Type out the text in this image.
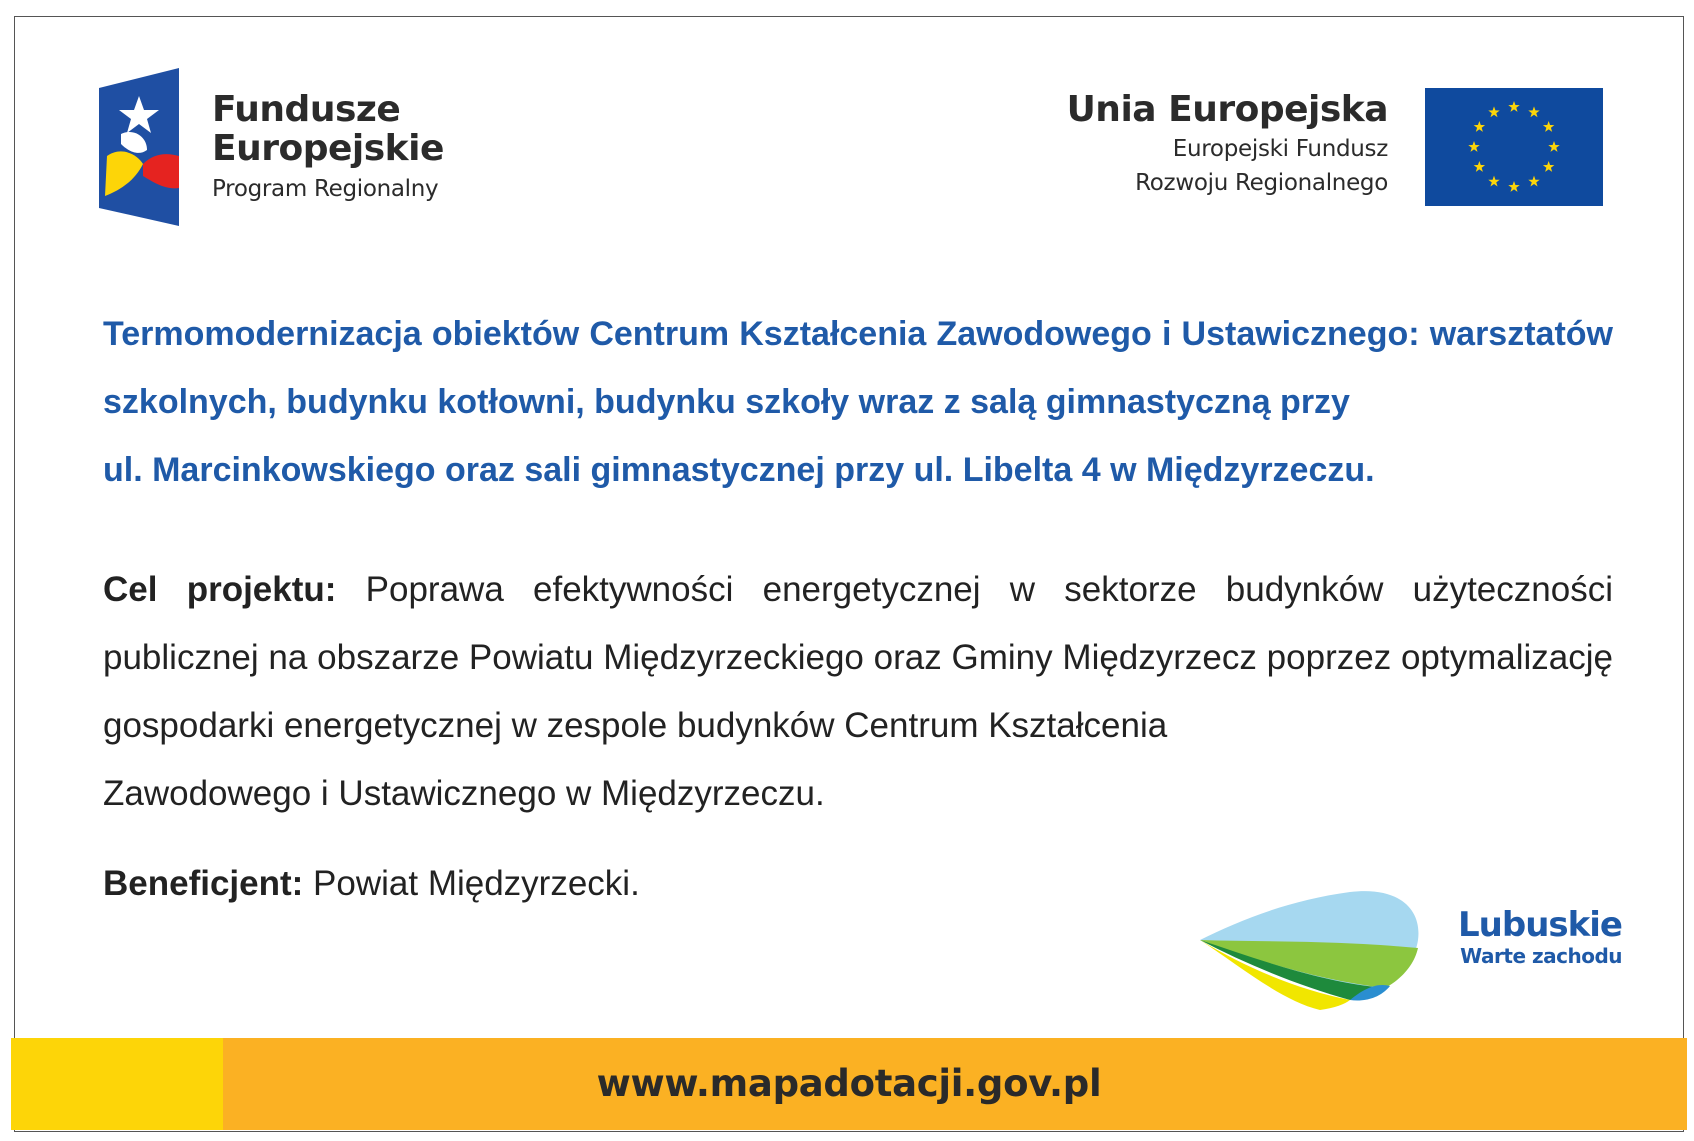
Fundusze
Europejskie
Program Regionalny
Unia Europejska
Europejski Fundusz
Rozwoju Regionalnego
Termomodernizacja obiektów Centrum Kształcenia Zawodowego i Ustawicznego: warsztatów szkolnych, budynku kotłowni, budynku szkoły wraz z salą gimnastyczną przy
ul. Marcinkowskiego oraz sali gimnastycznej przy ul. Libelta 4 w Międzyrzeczu.
Cel projektu: Poprawa efektywności energetycznej w sektorze budynków użyteczności publicznej na obszarze Powiatu Międzyrzeckiego oraz Gminy Międzyrzecz poprzez optymalizację gospodarki energetycznej w zespole budynków Centrum Kształcenia
Zawodowego i Ustawicznego w Międzyrzeczu.
Beneficjent: Powiat Międzyrzecki.
Lubuskie
Warte zachodu
www.mapadotacji.gov.pl
